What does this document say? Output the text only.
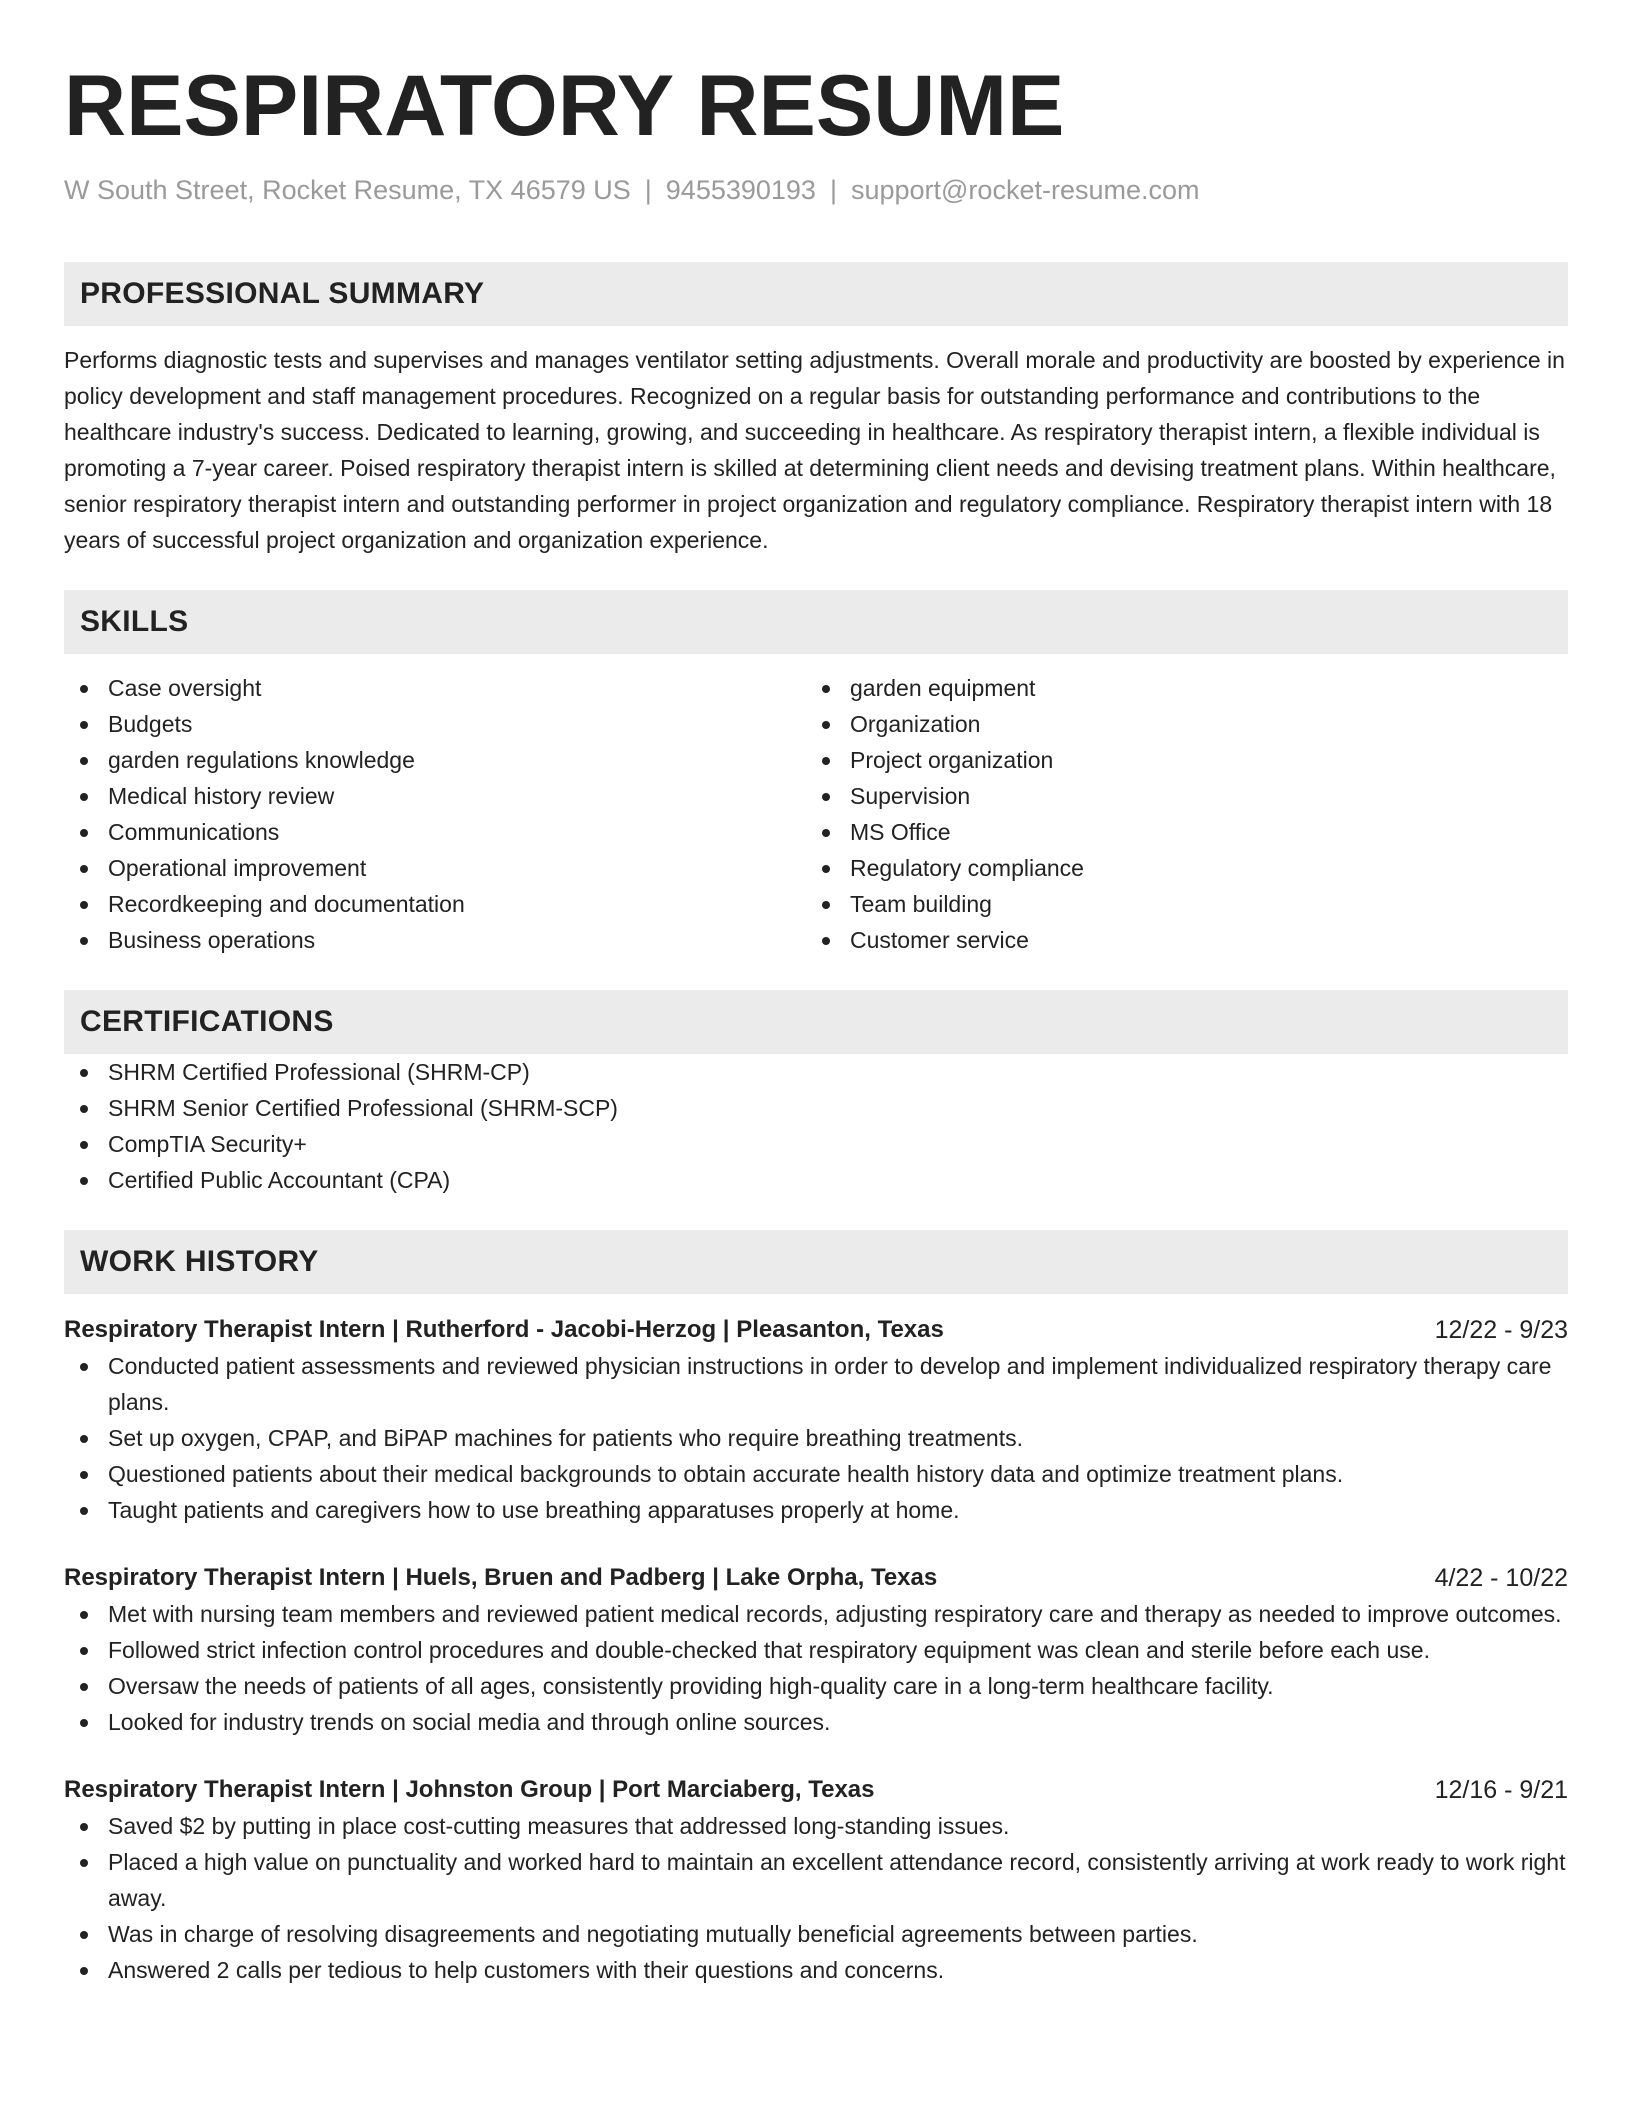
RESPIRATORY RESUME
W South Street, Rocket Resume, TX 46579 US | 9455390193 | support@rocket-resume.com
PROFESSIONAL SUMMARY
Performs diagnostic tests and supervises and manages ventilator setting adjustments. Overall morale and productivity are boosted by experience in policy development and staff management procedures. Recognized on a regular basis for outstanding performance and contributions to the healthcare industry's success. Dedicated to learning, growing, and succeeding in healthcare. As respiratory therapist intern, a flexible individual is promoting a 7-year career. Poised respiratory therapist intern is skilled at determining client needs and devising treatment plans. Within healthcare, senior respiratory therapist intern and outstanding performer in project organization and regulatory compliance. Respiratory therapist intern with 18 years of successful project organization and organization experience.
SKILLS
Case oversight
Budgets
garden regulations knowledge
Medical history review
Communications
Operational improvement
Recordkeeping and documentation
Business operations
garden equipment
Organization
Project organization
Supervision
MS Office
Regulatory compliance
Team building
Customer service
CERTIFICATIONS
SHRM Certified Professional (SHRM-CP)
SHRM Senior Certified Professional (SHRM-SCP)
CompTIA Security+
Certified Public Accountant (CPA)
WORK HISTORY
Respiratory Therapist Intern | Rutherford - Jacobi-Herzog | Pleasanton, Texas	12/22 - 9/23
Conducted patient assessments and reviewed physician instructions in order to develop and implement individualized respiratory therapy care plans.
Set up oxygen, CPAP, and BiPAP machines for patients who require breathing treatments.
Questioned patients about their medical backgrounds to obtain accurate health history data and optimize treatment plans.
Taught patients and caregivers how to use breathing apparatuses properly at home.
Respiratory Therapist Intern | Huels, Bruen and Padberg | Lake Orpha, Texas	4/22 - 10/22
Met with nursing team members and reviewed patient medical records, adjusting respiratory care and therapy as needed to improve outcomes.
Followed strict infection control procedures and double-checked that respiratory equipment was clean and sterile before each use.
Oversaw the needs of patients of all ages, consistently providing high-quality care in a long-term healthcare facility.
Looked for industry trends on social media and through online sources.
Respiratory Therapist Intern | Johnston Group | Port Marciaberg, Texas	12/16 - 9/21
Saved $2 by putting in place cost-cutting measures that addressed long-standing issues.
Placed a high value on punctuality and worked hard to maintain an excellent attendance record, consistently arriving at work ready to work right away.
Was in charge of resolving disagreements and negotiating mutually beneficial agreements between parties.
Answered 2 calls per tedious to help customers with their questions and concerns.
